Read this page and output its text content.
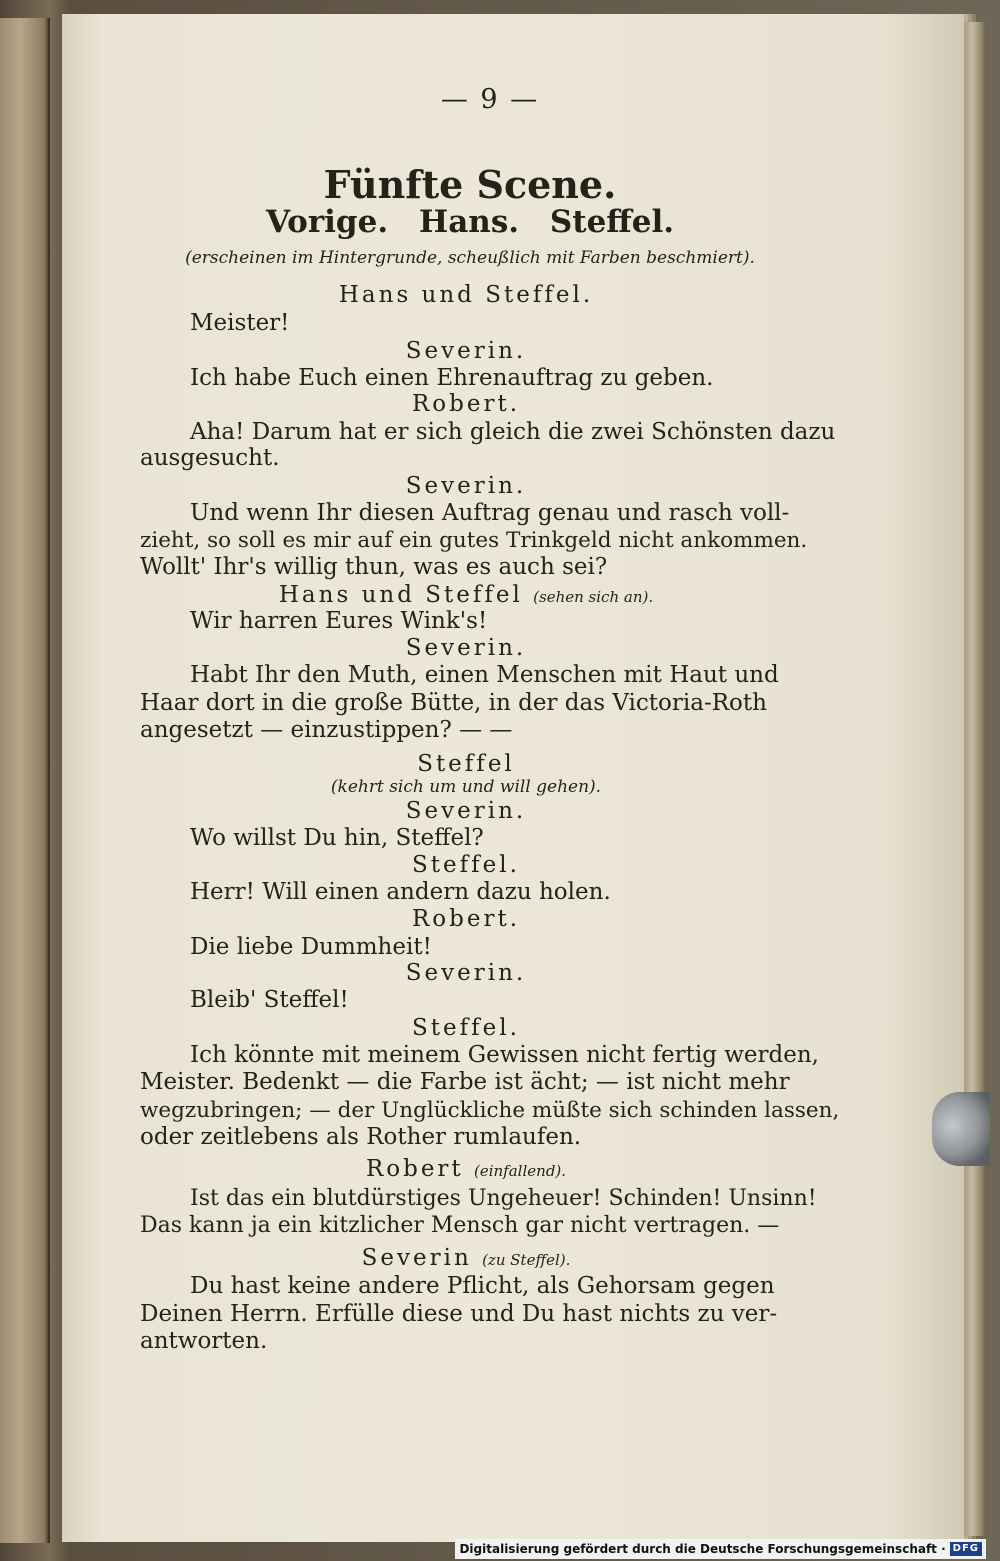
— 9 —
Fünfte Scene.
Vorige. Hans. Steffel.
(erscheinen im Hintergrunde, scheußlich mit Farben beschmiert).
Hans und Steffel.
Meister!
Severin.
Ich habe Euch einen Ehrenauftrag zu geben.
Robert.
Aha! Darum hat er sich gleich die zwei Schönsten dazu
ausgesucht.
Severin.
Und wenn Ihr diesen Auftrag genau und rasch voll-
zieht, so soll es mir auf ein gutes Trinkgeld nicht ankommen.
Wollt' Ihr's willig thun, was es auch sei?
Hans und Steffel (sehen sich an).
Wir harren Eures Wink's!
Severin.
Habt Ihr den Muth, einen Menschen mit Haut und
Haar dort in die große Bütte, in der das Victoria-Roth
angesetzt — einzustippen? — —
Steffel
(kehrt sich um und will gehen).
Severin.
Wo willst Du hin, Steffel?
Steffel.
Herr! Will einen andern dazu holen.
Robert.
Die liebe Dummheit!
Severin.
Bleib' Steffel!
Steffel.
Ich könnte mit meinem Gewissen nicht fertig werden,
Meister. Bedenkt — die Farbe ist ächt; — ist nicht mehr
wegzubringen; — der Unglückliche müßte sich schinden lassen,
oder zeitlebens als Rother rumlaufen.
Robert (einfallend).
Ist das ein blutdürstiges Ungeheuer! Schinden! Unsinn!
Das kann ja ein kitzlicher Mensch gar nicht vertragen. —
Severin (zu Steffel).
Du hast keine andere Pflicht, als Gehorsam gegen
Deinen Herrn. Erfülle diese und Du hast nichts zu ver-
antworten.
Digitalisierung gefördert durch die Deutsche Forschungsgemeinschaft · DFG
